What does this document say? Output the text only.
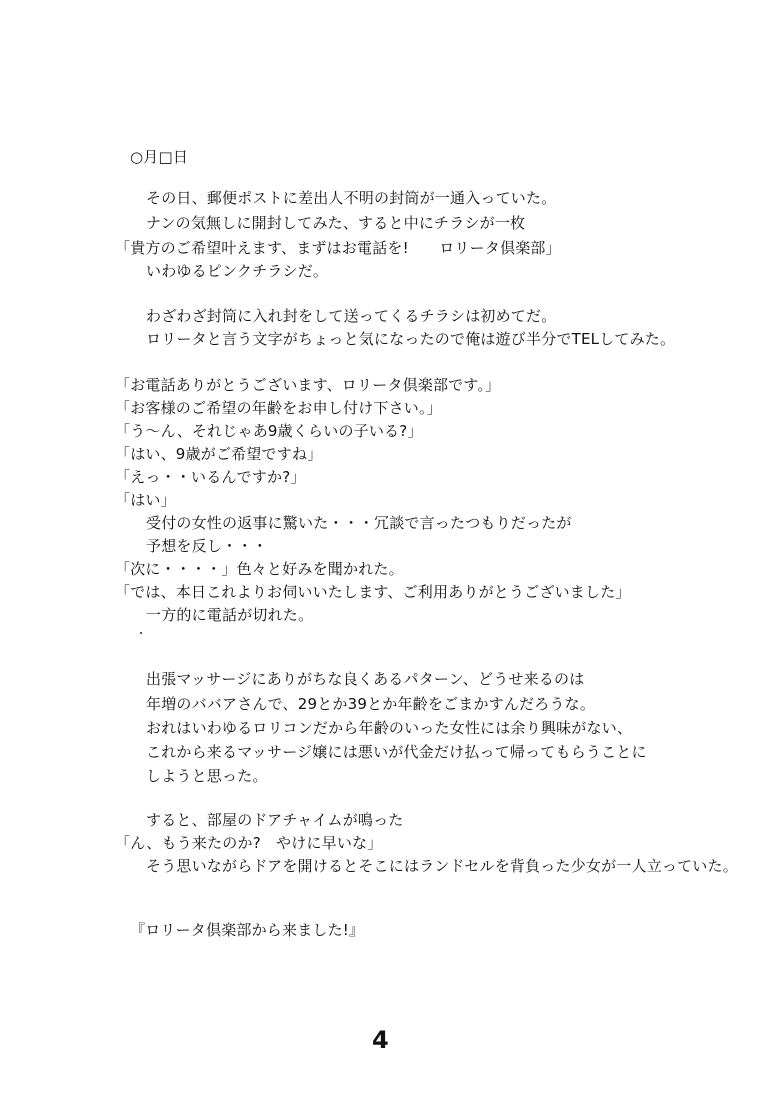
○月□日
その日、郵便ポストに差出人不明の封筒が一通入っていた。
ナンの気無しに開封してみた、すると中にチラシが一枚
「貴方のご希望叶えます、まずはお電話を!　　ロリータ倶楽部」
いわゆるピンクチラシだ。
わざわざ封筒に入れ封をして送ってくるチラシは初めてだ。
ロリータと言う文字がちょっと気になったので俺は遊び半分でTELしてみた。
「お電話ありがとうございます、ロリータ倶楽部です。」
「お客様のご希望の年齢をお申し付け下さい。」
「う〜ん、それじゃあ9歳くらいの子いる?」
「はい、9歳がご希望ですね」
「えっ・・いるんですか?」
「はい」
受付の女性の返事に驚いた・・・冗談で言ったつもりだったが
予想を反し・・・
「次に・・・・」色々と好みを聞かれた。
「では、本日これよりお伺いいたします、ご利用ありがとうございました」
一方的に電話が切れた。
出張マッサージにありがちな良くあるパターン、どうせ来るのは
年増のババアさんで、29とか39とか年齢をごまかすんだろうな。
おれはいわゆるロリコンだから年齢のいった女性には余り興味がない、
これから来るマッサージ嬢には悪いが代金だけ払って帰ってもらうことに
しようと思った。
すると、部屋のドアチャイムが鳴った
「ん、もう来たのか?　やけに早いな」
そう思いながらドアを開けるとそこにはランドセルを背負った少女が一人立っていた。
『ロリータ倶楽部から来ました!』
4
